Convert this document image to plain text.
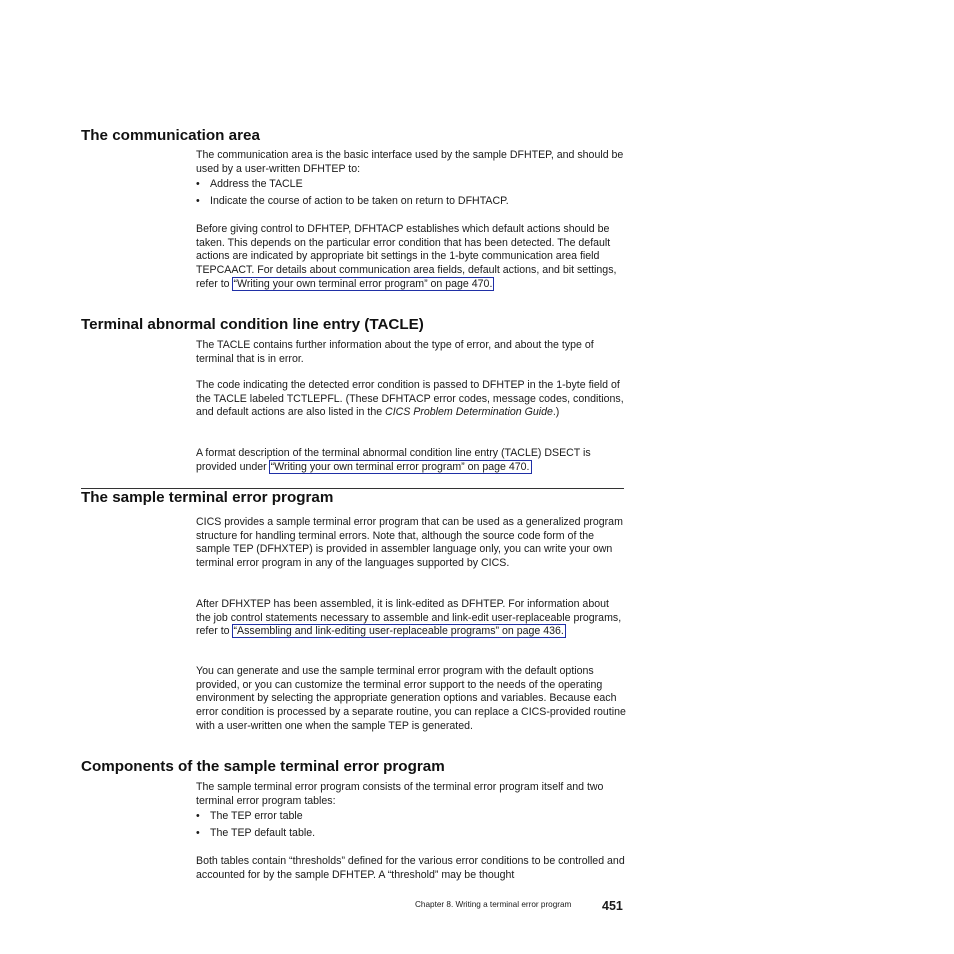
The communication area

The communication area is the basic interface used by the sample DFHTEP, and should be used by a user-written DFHTEP to:

• Address the TACLE

• Indicate the course of action to be taken on return to DFHTACP.

Before giving control to DFHTEP, DFHTACP establishes which default actions should be taken. This depends on the particular error condition that has been detected. The default actions are indicated by appropriate bit settings in the 1-byte communication area field TEPCAACT. For details about communication area fields, default actions, and bit settings, refer to “Writing your own terminal error program” on page 470.

Terminal abnormal condition line entry (TACLE)

The TACLE contains further information about the type of error, and about the type of terminal that is in error.

The code indicating the detected error condition is passed to DFHTEP in the 1-byte field of the TACLE labeled TCTLEPFL. (These DFHTACP error codes, message codes, conditions, and default actions are also listed in the CICS Problem Determination Guide.)

A format description of the terminal abnormal condition line entry (TACLE) DSECT is provided under “Writing your own terminal error program” on page 470.

The sample terminal error program

CICS provides a sample terminal error program that can be used as a generalized program structure for handling terminal errors. Note that, although the source code form of the sample TEP (DFHXTEP) is provided in assembler language only, you can write your own terminal error program in any of the languages supported by CICS.

After DFHXTEP has been assembled, it is link-edited as DFHTEP. For information about the job control statements necessary to assemble and link-edit user-replaceable programs, refer to “Assembling and link-editing user-replaceable programs” on page 436.

You can generate and use the sample terminal error program with the default options provided, or you can customize the terminal error support to the needs of the operating environment by selecting the appropriate generation options and variables. Because each error condition is processed by a separate routine, you can replace a CICS-provided routine with a user-written one when the sample TEP is generated.

Components of the sample terminal error program

The sample terminal error program consists of the terminal error program itself and two terminal error program tables:

• The TEP error table

• The TEP default table.

Both tables contain “thresholds” defined for the various error conditions to be controlled and accounted for by the sample DFHTEP. A “threshold” may be thought

Chapter 8. Writing a terminal error program 451
